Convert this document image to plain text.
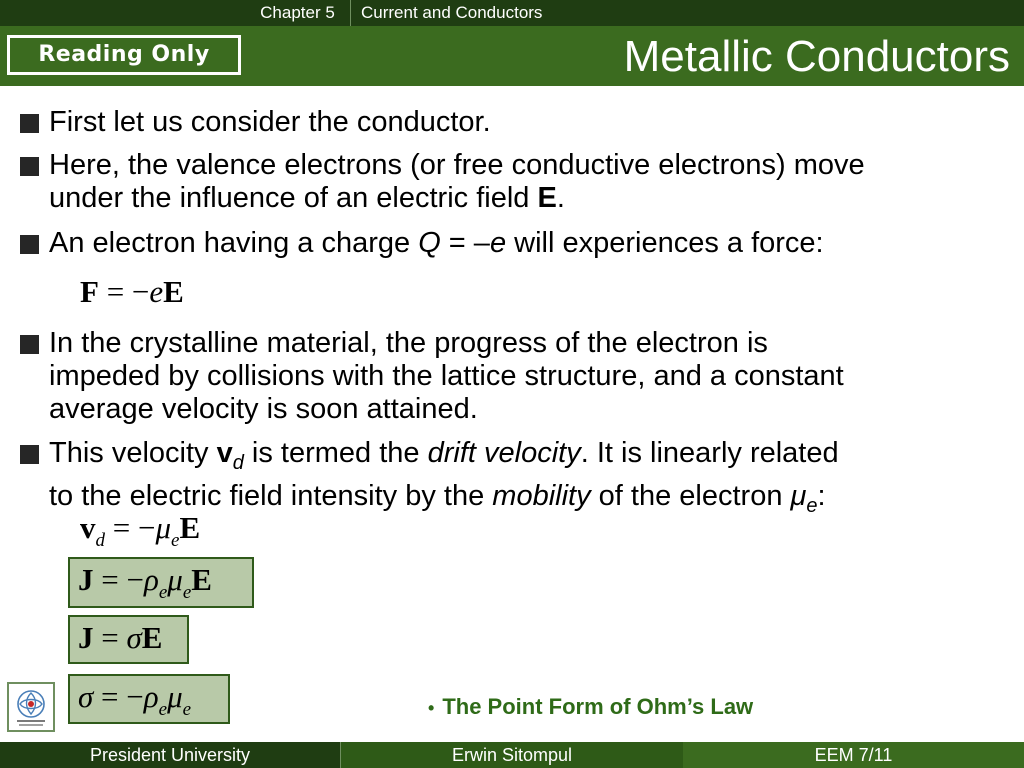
Chapter 5	Current and Conductors
Reading Only	Metallic Conductors
First let us consider the conductor.
Here, the valence electrons (or free conductive electrons) move
under the influence of an electric field E.
An electron having a charge Q = –e will experiences a force:
F = −eE
In the crystalline material, the progress of the electron is
impeded by collisions with the lattice structure, and a constant
average velocity is soon attained.
This velocity $v_d$ is termed the drift velocity. It is linearly related
to the electric field intensity by the mobility of the electron $\mu_e$:
$v_d = -\mu_eE$
$J = -\rho_e\mu_eE$
J = σE
$\sigma = -\rho_e\mu_e$	• The Point Form of Ohm’s Law
President University	Erwin Sitompul	EEM 7/11
